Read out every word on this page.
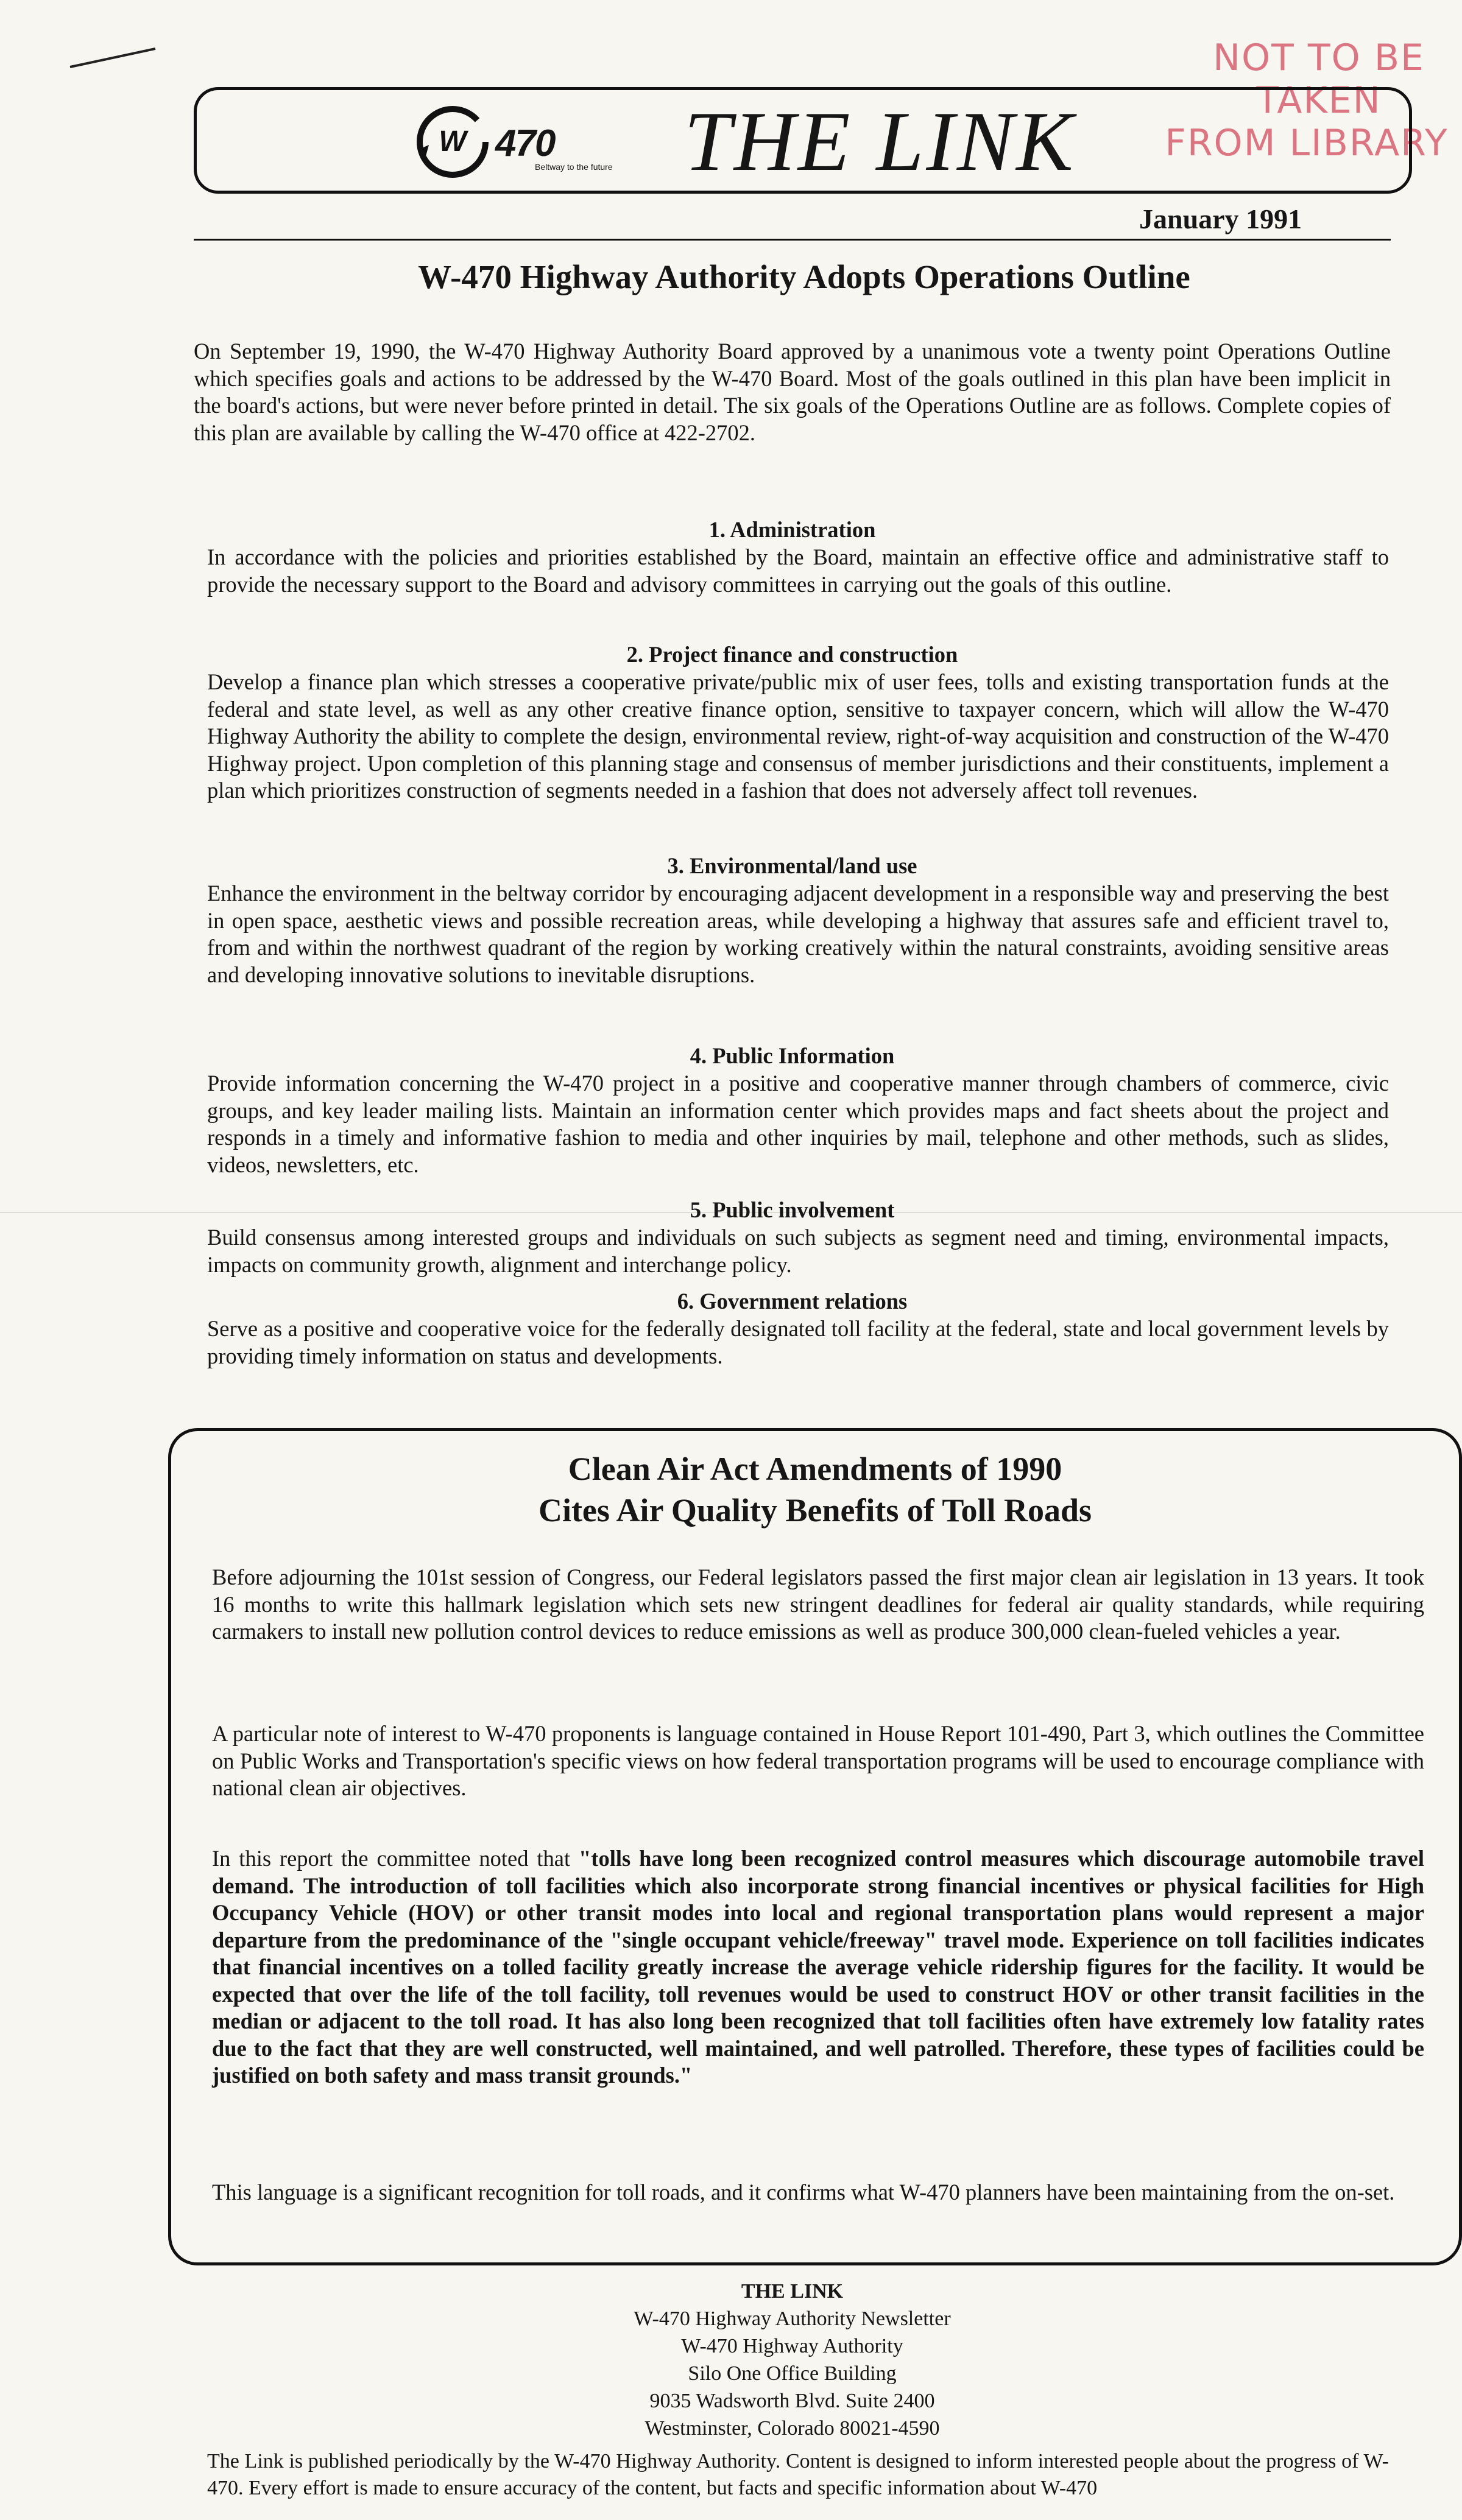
NOT TO BE TAKEN
FROM LIBRARY
W 470
Beltway to the future THE LINK
January 1991
W-470 Highway Authority Adopts Operations Outline
On September 19, 1990, the W-470 Highway Authority Board approved by a unanimous vote a twenty point Operations Outline which specifies goals and actions to be addressed by the W-470 Board. Most of the goals outlined in this plan have been implicit in the board's actions, but were never before printed in detail. The six goals of the Operations Outline are as follows. Complete copies of this plan are available by calling the W-470 office at 422-2702.
1. Administration
In accordance with the policies and priorities established by the Board, maintain an effective office and administrative staff to provide the necessary support to the Board and advisory committees in carrying out the goals of this outline.
2. Project finance and construction
Develop a finance plan which stresses a cooperative private/public mix of user fees, tolls and existing transportation funds at the federal and state level, as well as any other creative finance option, sensitive to taxpayer concern, which will allow the W-470 Highway Authority the ability to complete the design, environmental review, right-of-way acquisition and construction of the W-470 Highway project. Upon completion of this planning stage and consensus of member jurisdictions and their constituents, implement a plan which prioritizes construction of segments needed in a fashion that does not adversely affect toll revenues.
3. Environmental/land use
Enhance the environment in the beltway corridor by encouraging adjacent development in a responsible way and preserving the best in open space, aesthetic views and possible recreation areas, while developing a highway that assures safe and efficient travel to, from and within the northwest quadrant of the region by working creatively within the natural constraints, avoiding sensitive areas and developing innovative solutions to inevitable disruptions.
4. Public Information
Provide information concerning the W-470 project in a positive and cooperative manner through chambers of commerce, civic groups, and key leader mailing lists. Maintain an information center which provides maps and fact sheets about the project and responds in a timely and informative fashion to media and other inquiries by mail, telephone and other methods, such as slides, videos, newsletters, etc.
5. Public involvement
Build consensus among interested groups and individuals on such subjects as segment need and timing, environmental impacts, impacts on community growth, alignment and interchange policy.
6. Government relations
Serve as a positive and cooperative voice for the federally designated toll facility at the federal, state and local government levels by providing timely information on status and developments.
Clean Air Act Amendments of 1990
Cites Air Quality Benefits of Toll Roads
Before adjourning the 101st session of Congress, our Federal legislators passed the first major clean air legislation in 13 years. It took 16 months to write this hallmark legislation which sets new stringent deadlines for federal air quality standards, while requiring carmakers to install new pollution control devices to reduce emissions as well as produce 300,000 clean-fueled vehicles a year.
A particular note of interest to W-470 proponents is language contained in House Report 101-490, Part 3, which outlines the Committee on Public Works and Transportation's specific views on how federal transportation programs will be used to encourage compliance with national clean air objectives.
In this report the committee noted that "tolls have long been recognized control measures which discourage automobile travel demand. The introduction of toll facilities which also incorporate strong financial incentives or physical facilities for High Occupancy Vehicle (HOV) or other transit modes into local and regional transportation plans would represent a major departure from the predominance of the "single occupant vehicle/freeway" travel mode. Experience on toll facilities indicates that financial incentives on a tolled facility greatly increase the average vehicle ridership figures for the facility. It would be expected that over the life of the toll facility, toll revenues would be used to construct HOV or other transit facilities in the median or adjacent to the toll road. It has also long been recognized that toll facilities often have extremely low fatality rates due to the fact that they are well constructed, well maintained, and well patrolled. Therefore, these types of facilities could be justified on both safety and mass transit grounds."
This language is a significant recognition for toll roads, and it confirms what W-470 planners have been maintaining from the on-set.
THE LINK
W-470 Highway Authority Newsletter
W-470 Highway Authority
Silo One Office Building
9035 Wadsworth Blvd. Suite 2400
Westminster, Colorado 80021-4590
The Link is published periodically by the W-470 Highway Authority. Content is designed to inform interested people about the progress of W-470. Every effort is made to ensure accuracy of the content, but facts and specific information about W-470
